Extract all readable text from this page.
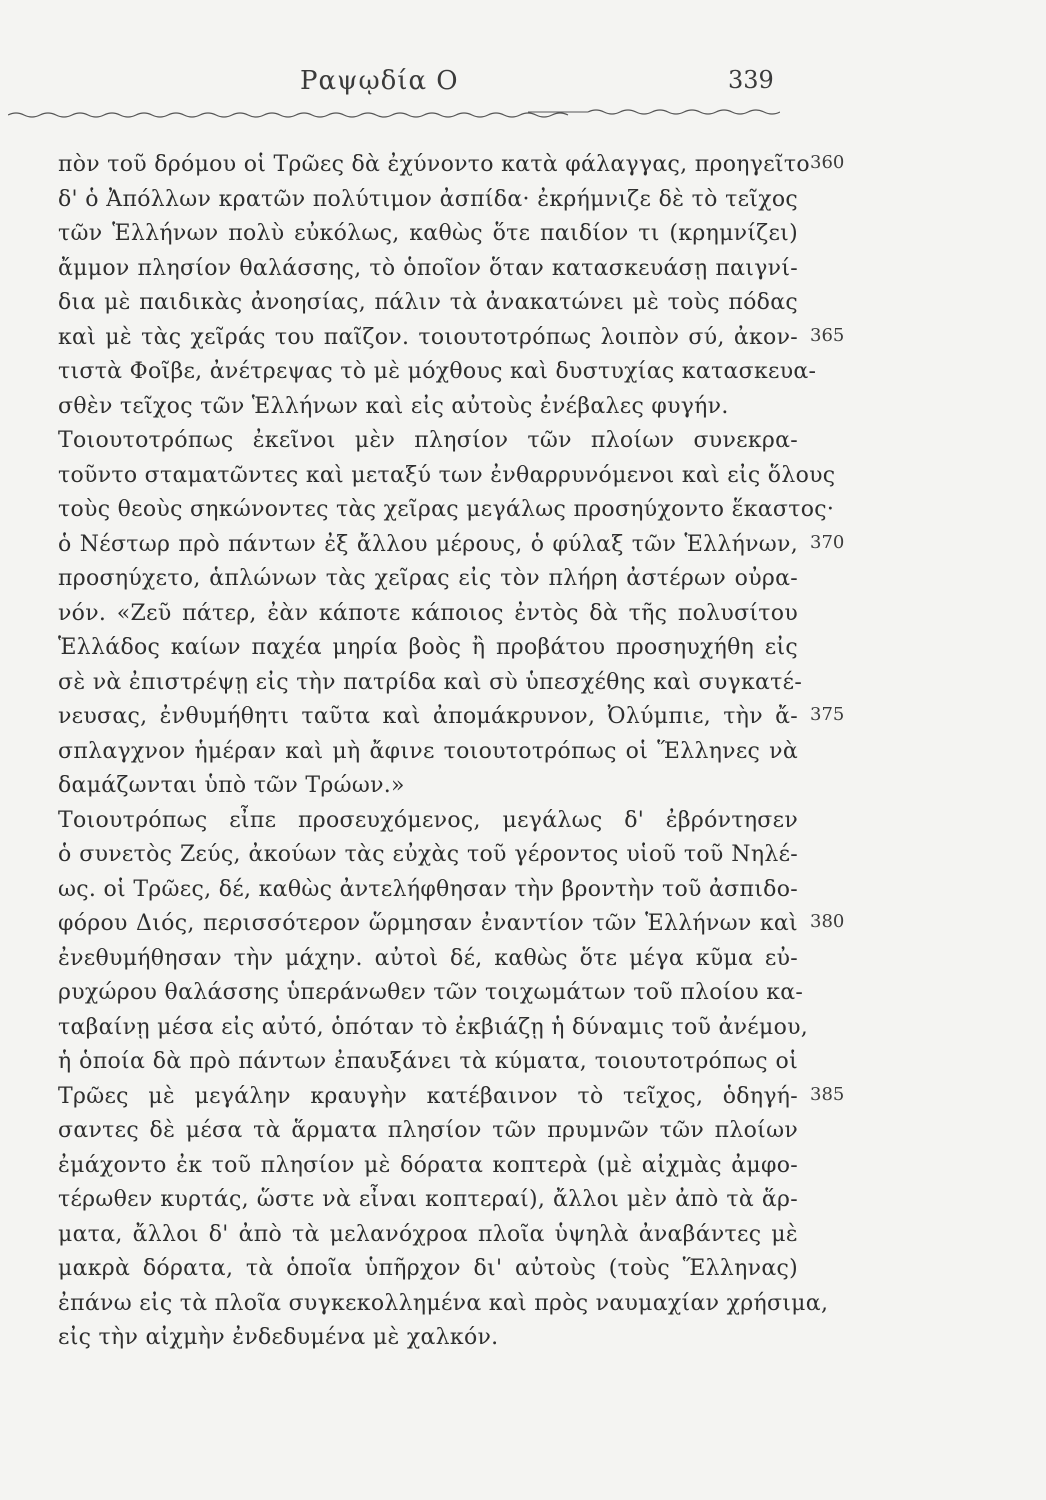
Ραψῳδία Ο	339
πὸν τοῦ δρόμου οἱ Τρῶες δὰ ἐχύνοντο κατὰ φάλαγγας, προηγεῖτο
δ' ὁ Ἀπόλλων κρατῶν πολύτιμον ἀσπίδα· ἐκρήμνιζε δὲ τὸ τεῖχος
τῶν Ἑλλήνων πολὺ εὐκόλως, καθὼς ὅτε παιδίον τι (κρημνίζει)
ἄμμον πλησίον θαλάσσης, τὸ ὁποῖον ὅταν κατασκευάσῃ παιγνί-
δια μὲ παιδικὰς ἀνοησίας, πάλιν τὰ ἀνακατώνει μὲ τοὺς πόδας
καὶ μὲ τὰς χεῖράς του παῖζον. τοιουτοτρόπως λοιπὸν σύ, ἀκον-
τιστὰ Φοῖβε, ἀνέτρεψας τὸ μὲ μόχθους καὶ δυστυχίας κατασκευα-
σθὲν τεῖχος τῶν Ἑλλήνων καὶ εἰς αὐτοὺς ἐνέβαλες φυγήν.
Τοιουτοτρόπως ἐκεῖνοι μὲν πλησίον τῶν πλοίων συνεκρα-
τοῦντο σταματῶντες καὶ μεταξύ των ἐνθαρρυνόμενοι καὶ εἰς ὅλους
τοὺς θεοὺς σηκώνοντες τὰς χεῖρας μεγάλως προσηύχοντο ἕκαστος·
ὁ Νέστωρ πρὸ πάντων ἐξ ἄλλου μέρους, ὁ φύλαξ τῶν Ἑλλήνων,
προσηύχετο, ἁπλώνων τὰς χεῖρας εἰς τὸν πλήρη ἀστέρων οὐρα-
νόν. «Ζεῦ πάτερ, ἐὰν κάποτε κάποιος ἐντὸς δὰ τῆς πολυσίτου
Ἑλλάδος καίων παχέα μηρία βοὸς ἢ προβάτου προσηυχήθη εἰς
σὲ νὰ ἐπιστρέψῃ εἰς τὴν πατρίδα καὶ σὺ ὑπεσχέθης καὶ συγκατέ-
νευσας, ἐνθυμήθητι ταῦτα καὶ ἀπομάκρυνον, Ὀλύμπιε, τὴν ἄ-
σπλαγχνον ἡμέραν καὶ μὴ ἄφινε τοιουτοτρόπως οἱ Ἕλληνες νὰ
δαμάζωνται ὑπὸ τῶν Τρώων.»
Τοιουτρόπως εἶπε προσευχόμενος, μεγάλως δ' ἐβρόντησεν
ὁ συνετὸς Ζεύς, ἀκούων τὰς εὐχὰς τοῦ γέροντος υἱοῦ τοῦ Νηλέ-
ως. οἱ Τρῶες, δέ, καθὼς ἀντελήφθησαν τὴν βροντὴν τοῦ ἀσπιδο-
φόρου Διός, περισσότερον ὥρμησαν ἐναντίον τῶν Ἑλλήνων καὶ
ἐνεθυμήθησαν τὴν μάχην. αὐτοὶ δέ, καθὼς ὅτε μέγα κῦμα εὐ-
ρυχώρου θαλάσσης ὑπεράνωθεν τῶν τοιχωμάτων τοῦ πλοίου κα-
ταβαίνῃ μέσα εἰς αὐτό, ὁπόταν τὸ ἐκβιάζῃ ἡ δύναμις τοῦ ἀνέμου,
ἡ ὁποία δὰ πρὸ πάντων ἐπαυξάνει τὰ κύματα, τοιουτοτρόπως οἱ
Τρῶες μὲ μεγάλην κραυγὴν κατέβαινον τὸ τεῖχος, ὁδηγή-
σαντες δὲ μέσα τὰ ἅρματα πλησίον τῶν πρυμνῶν τῶν πλοίων
ἐμάχοντο ἐκ τοῦ πλησίον μὲ δόρατα κοπτερὰ (μὲ αἰχμὰς ἀμφο-
τέρωθεν κυρτάς, ὥστε νὰ εἶναι κοπτεραί), ἄλλοι μὲν ἀπὸ τὰ ἅρ-
ματα, ἄλλοι δ' ἀπὸ τὰ μελανόχροα πλοῖα ὑψηλὰ ἀναβάντες μὲ
μακρὰ δόρατα, τὰ ὁποῖα ὑπῆρχον δι' αὐτοὺς (τοὺς Ἕλληνας)
ἐπάνω εἰς τὰ πλοῖα συγκεκολλημένα καὶ πρὸς ναυμαχίαν χρήσιμα,
εἰς τὴν αἰχμὴν ἐνδεδυμένα μὲ χαλκόν.
360
365
370
375
380
385
